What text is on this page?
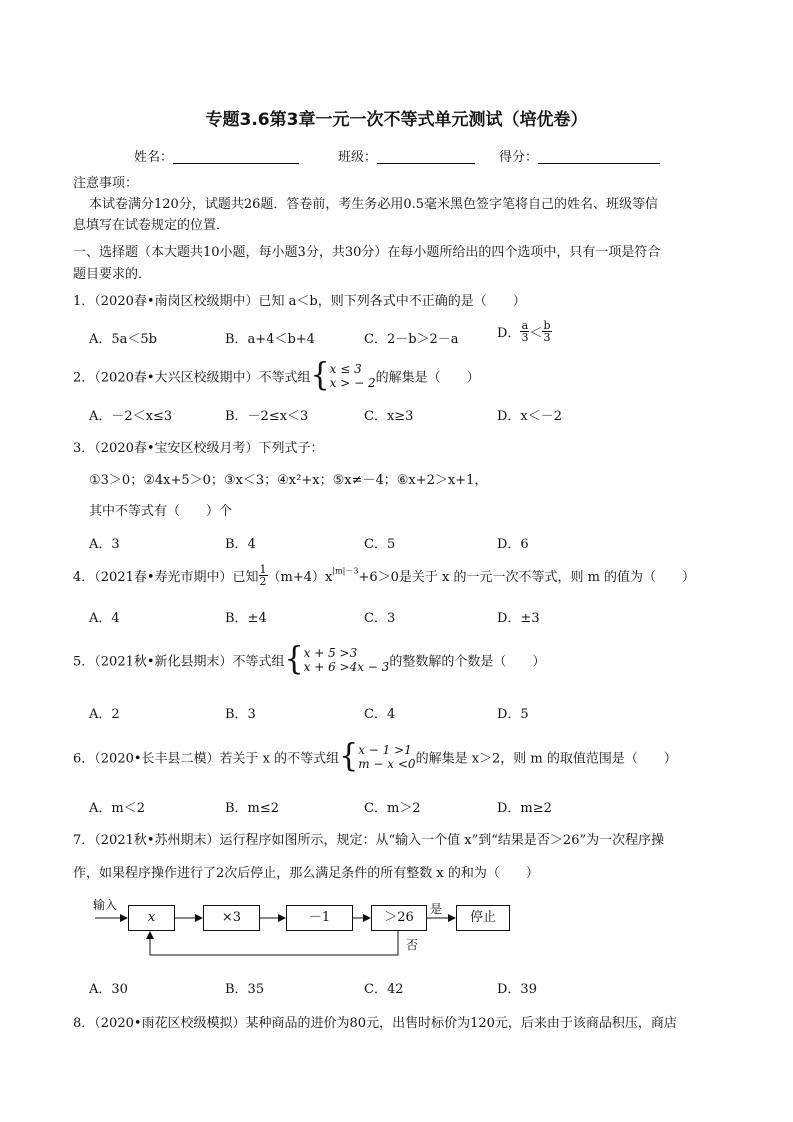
专题3.6第3章一元一次不等式单元测试（培优卷）
姓名：	班级：	得分：
注意事项：
本试卷满分120分，试题共26题．答卷前，考生务必用0.5毫米黑色签字笔将自己的姓名、班级等信
息填写在试卷规定的位置．
一、选择题（本大题共10小题，每小题3分，共30分）在每小题所给出的四个选项中，只有一项是符合
题目要求的．
1．（2020春•南岗区校级期中）已知 a＜b，则下列各式中不正确的是（　　）
A．5a＜5b	B．a+4＜b+4	C．2－b＞2－a	D． $\frac{a}{3} < \frac{b}{3}$
2．（2020春•大兴区校级期中）不等式组{ x ≤ 3
x > − 2 的解集是（　　）
A．－2＜x≤3	B．－2≤x＜3	C．x≥3	D．x＜－2
3．（2020春•宝安区校级月考）下列式子：
①3＞0；②4x+5＞0；③x＜3；④x²+x；⑤x≠－4；⑥x+2＞x+1，
其中不等式有（　　）个
A．3	B．4	C．5	D．6
4．（2021春•寿光市期中）已知 $\frac{1}{2} (m+4)x^{|m|-3}+6>0$是关于 x 的一元一次不等式，则 m 的值为（　　）
A．4	B．±4	C．3	D．±3
5．（2021秋•新化县期末）不等式组{ x + 5 >3
x + 6 >4x − 3 的整数解的个数是（　　）
A．2	B．3	C．4	D．5
6．（2020•长丰县二模）若关于 x 的不等式组{ x − 1 >1
m − x <0 的解集是 x＞2，则 m 的取值范围是（　　）
A．m＜2	B．m≤2	C．m＞2	D．m≥2
7．（2021秋•苏州期末）运行程序如图所示，规定：从“输入一个值 x”到“结果是否＞26”为一次程序操
作，如果程序操作进行了2次后停止，那么满足条件的所有整数 x 的和为（　　）
输入
x	×3	－1	＞26
是
否
停止
A．30	B．35	C．42	D．39
8．（2020•雨花区校级模拟）某种商品的进价为80元，出售时标价为120元，后来由于该商品积压，商店
